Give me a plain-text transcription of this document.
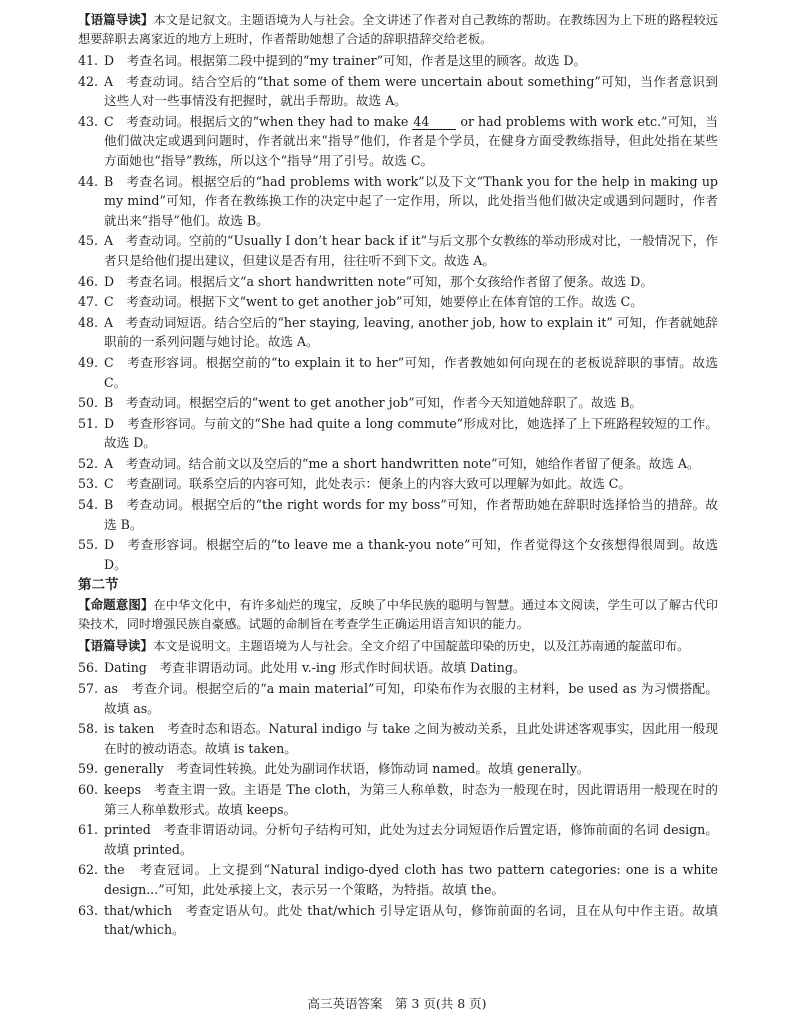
【语篇导读】本文是记叙文。主题语境为人与社会。全文讲述了作者对自己教练的帮助。在教练因为上下班的路程较远想要辞职去离家近的地方上班时，作者帮助她想了合适的辞职措辞交给老板。

41. D　考查名词。根据第二段中提到的“my trainer”可知，作者是这里的顾客。故选 D。

42. A　考查动词。结合空后的“that some of them were uncertain about something”可知，当作者意识到这些人对一些事情没有把握时，就出手帮助。故选 A。

43. C　考查动词。根据后文的“when they had to make 44 or had problems with work etc.”可知，当他们做决定或遇到问题时，作者就出来“指导”他们，作者是个学员，在健身方面受教练指导，但此处指在某些方面她也“指导”教练，所以这个“指导”用了引号。故选 C。

44. B　考查名词。根据空后的“had problems with work”以及下文“Thank you for the help in making up my mind”可知，作者在教练换工作的决定中起了一定作用，所以，此处指当他们做决定或遇到问题时，作者就出来“指导”他们。故选 B。

45. A　考查动词。空前的“Usually I don’t hear back if it”与后文那个女教练的举动形成对比，一般情况下，作者只是给他们提出建议，但建议是否有用，往往听不到下文。故选 A。

46. D　考查名词。根据后文“a short handwritten note”可知，那个女孩给作者留了便条。故选 D。

47. C　考查动词。根据下文“went to get another job”可知，她要停止在体育馆的工作。故选 C。

48. A　考查动词短语。结合空后的“her staying, leaving, another job, how to explain it” 可知，作者就她辞职前的一系列问题与她讨论。故选 A。

49. C　考查形容词。根据空前的“to explain it to her”可知，作者教她如何向现在的老板说辞职的事情。故选 C。

50. B　考查动词。根据空后的“went to get another job”可知，作者今天知道她辞职了。故选 B。

51. D　考查形容词。与前文的“She had quite a long commute”形成对比，她选择了上下班路程较短的工作。故选 D。

52. A　考查动词。结合前文以及空后的“me a short handwritten note”可知，她给作者留了便条。故选 A。

53. C　考查副词。联系空后的内容可知，此处表示：便条上的内容大致可以理解为如此。故选 C。

54. B　考查动词。根据空后的“the right words for my boss”可知，作者帮助她在辞职时选择恰当的措辞。故选 B。

55. D　考查形容词。根据空后的“to leave me a thank-you note”可知，作者觉得这个女孩想得很周到。故选 D。

第二节

【命题意图】在中华文化中，有许多灿烂的瑰宝，反映了中华民族的聪明与智慧。通过本文阅读，学生可以了解古代印染技术，同时增强民族自豪感。试题的命制旨在考查学生正确运用语言知识的能力。

【语篇导读】本文是说明文。主题语境为人与社会。全文介绍了中国靛蓝印染的历史，以及江苏南通的靛蓝印布。

56. Dating　考查非谓语动词。此处用 v.-ing 形式作时间状语。故填 Dating。

57. as　考查介词。根据空后的“a main material”可知，印染布作为衣服的主材料，be used as 为习惯搭配。故填 as。

58. is taken　考查时态和语态。Natural indigo 与 take 之间为被动关系，且此处讲述客观事实，因此用一般现在时的被动语态。故填 is taken。

59. generally　考查词性转换。此处为副词作状语，修饰动词 named。故填 generally。

60. keeps　考查主谓一致。主语是 The cloth，为第三人称单数，时态为一般现在时，因此谓语用一般现在时的第三人称单数形式。故填 keeps。

61. printed　考查非谓语动词。分析句子结构可知，此处为过去分词短语作后置定语，修饰前面的名词 design。故填 printed。

62. the　考查冠词。上文提到“Natural indigo-dyed cloth has two pattern categories: one is a white design...”可知，此处承接上文，表示另一个策略，为特指。故填 the。

63. that/which　考查定语从句。此处 that/which 引导定语从句，修饰前面的名词，且在从句中作主语。故填 that/which。

高三英语答案　第 3 页(共 8 页)
